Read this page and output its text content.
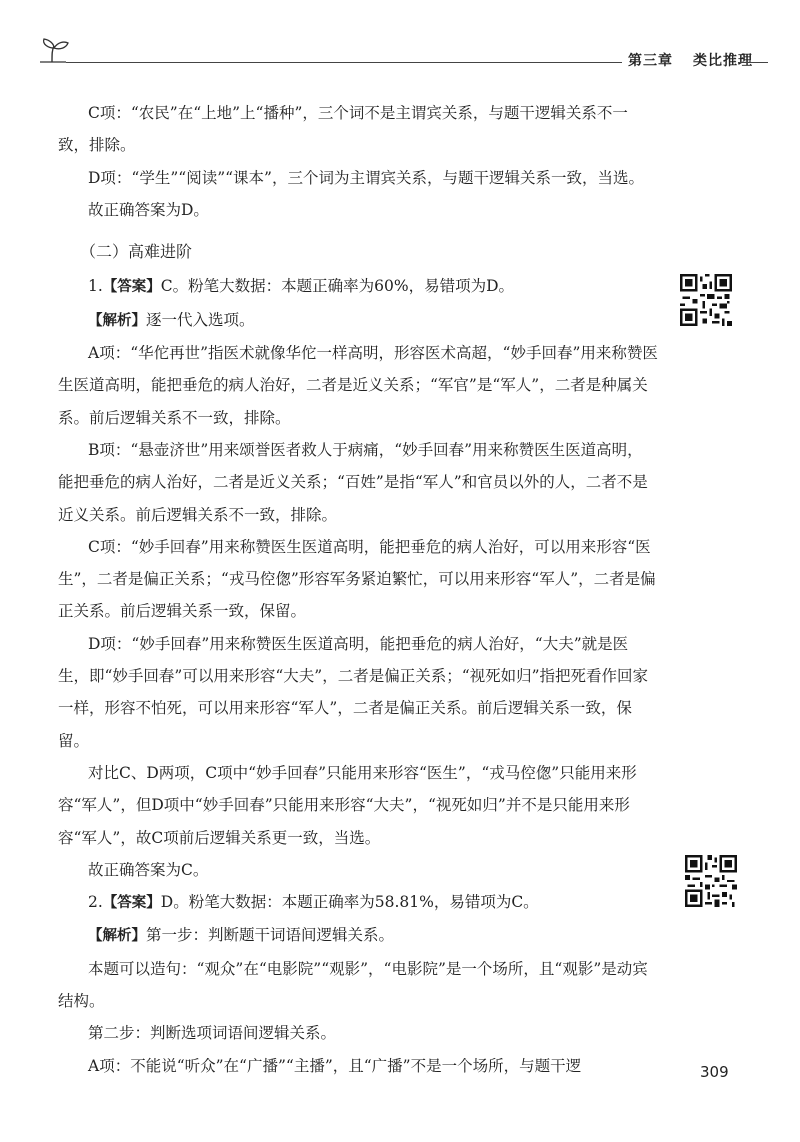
第三章 类比推理

C项：“农民”在“上地”上“播种”，三个词不是主谓宾关系，与题干逻辑关系不一致，排除。

D项：“学生”“阅读”“课本”，三个词为主谓宾关系，与题干逻辑关系一致，当选。

故正确答案为D。

（二）高难进阶

1.【答案】C。粉笔大数据：本题正确率为60%，易错项为D。

【解析】逐一代入选项。

A项：“华佗再世”指医术就像华佗一样高明，形容医术高超，“妙手回春”用来称赞医生医道高明，能把垂危的病人治好，二者是近义关系；“军官”是“军人”，二者是种属关系。前后逻辑关系不一致，排除。

B项：“悬壶济世”用来颂誉医者救人于病痛，“妙手回春”用来称赞医生医道高明，能把垂危的病人治好，二者是近义关系；“百姓”是指“军人”和官员以外的人，二者不是近义关系。前后逻辑关系不一致，排除。

C项：“妙手回春”用来称赞医生医道高明，能把垂危的病人治好，可以用来形容“医生”，二者是偏正关系；“戎马倥偬”形容军务紧迫繁忙，可以用来形容“军人”，二者是偏正关系。前后逻辑关系一致，保留。

D项：“妙手回春”用来称赞医生医道高明，能把垂危的病人治好，“大夫”就是医生，即“妙手回春”可以用来形容“大夫”，二者是偏正关系；“视死如归”指把死看作回家一样，形容不怕死，可以用来形容“军人”，二者是偏正关系。前后逻辑关系一致，保留。

对比C、D两项，C项中“妙手回春”只能用来形容“医生”，“戎马倥偬”只能用来形容“军人”，但D项中“妙手回春”只能用来形容“大夫”，“视死如归”并不是只能用来形容“军人”，故C项前后逻辑关系更一致，当选。

故正确答案为C。

2.【答案】D。粉笔大数据：本题正确率为58.81%，易错项为C。

【解析】第一步：判断题干词语间逻辑关系。

本题可以造句：“观众”在“电影院”“观影”，“电影院”是一个场所，且“观影”是动宾结构。

第二步：判断选项词语间逻辑关系。

A项：不能说“听众”在“广播”“主播”，且“广播”不是一个场所，与题干逻	309
